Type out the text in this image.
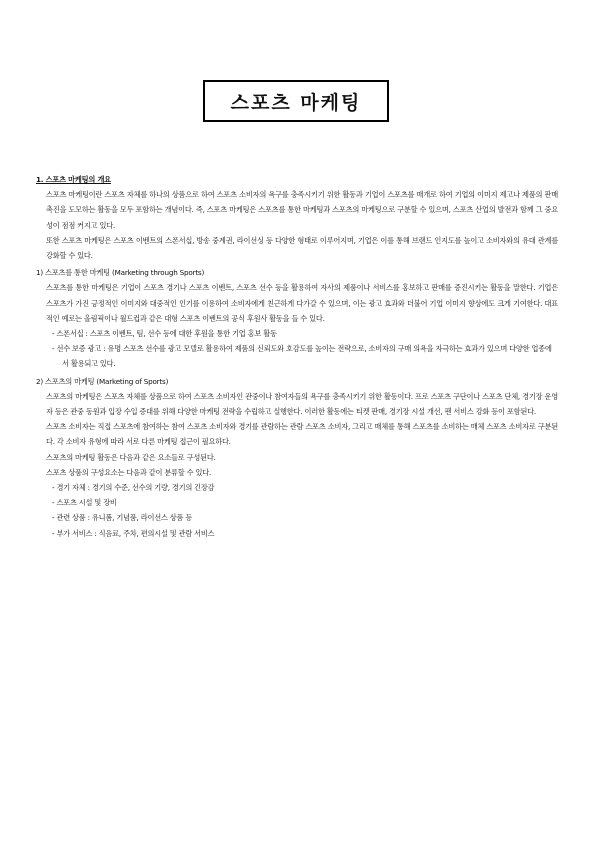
스포츠 마케팅

1. 스포츠 마케팅의 개요

스포츠 마케팅이란 스포츠 자체를 하나의 상품으로 하여 스포츠 소비자의 욕구를 충족시키기 위한 활동과 기업이 스포츠를 매개로 하여 기업의 이미지 제고나 제품의 판매 촉진을 도모하는 활동을 모두 포함하는 개념이다. 즉, 스포츠 마케팅은 스포츠를 통한 마케팅과 스포츠의 마케팅으로 구분할 수 있으며, 스포츠 산업의 발전과 함께 그 중요성이 점점 커지고 있다.

또한 스포츠 마케팅은 스포츠 이벤트의 스폰서십, 방송 중계권, 라이선싱 등 다양한 형태로 이루어지며, 기업은 이를 통해 브랜드 인지도를 높이고 소비자와의 유대 관계를 강화할 수 있다.

1) 스포츠를 통한 마케팅 (Marketing through Sports)

스포츠를 통한 마케팅은 기업이 스포츠 경기나 스포츠 이벤트, 스포츠 선수 등을 활용하여 자사의 제품이나 서비스를 홍보하고 판매를 증진시키는 활동을 말한다. 기업은 스포츠가 가진 긍정적인 이미지와 대중적인 인기를 이용하여 소비자에게 친근하게 다가갈 수 있으며, 이는 광고 효과와 더불어 기업 이미지 향상에도 크게 기여한다. 대표적인 예로는 올림픽이나 월드컵과 같은 대형 스포츠 이벤트의 공식 후원사 활동을 들 수 있다.

- 스폰서십 : 스포츠 이벤트, 팀, 선수 등에 대한 후원을 통한 기업 홍보 활동

- 선수 보증 광고 : 유명 스포츠 선수를 광고 모델로 활용하여 제품의 신뢰도와 호감도를 높이는 전략으로, 소비자의 구매 의욕을 자극하는 효과가 있으며 다양한 업종에서 활용되고 있다.

2) 스포츠의 마케팅 (Marketing of Sports)

스포츠의 마케팅은 스포츠 자체를 상품으로 하여 스포츠 소비자인 관중이나 참여자들의 욕구를 충족시키기 위한 활동이다. 프로 스포츠 구단이나 스포츠 단체, 경기장 운영자 등은 관중 동원과 입장 수입 증대를 위해 다양한 마케팅 전략을 수립하고 실행한다. 이러한 활동에는 티켓 판매, 경기장 시설 개선, 팬 서비스 강화 등이 포함된다.

스포츠 소비자는 직접 스포츠에 참여하는 참여 스포츠 소비자와 경기를 관람하는 관람 스포츠 소비자, 그리고 매체를 통해 스포츠를 소비하는 매체 스포츠 소비자로 구분된다. 각 소비자 유형에 따라 서로 다른 마케팅 접근이 필요하다.

스포츠의 마케팅 활동은 다음과 같은 요소들로 구성된다.

스포츠 상품의 구성요소는 다음과 같이 분류할 수 있다.

- 경기 자체 : 경기의 수준, 선수의 기량, 경기의 긴장감

- 스포츠 시설 및 장비

- 관련 상품 : 유니폼, 기념품, 라이선스 상품 등

- 부가 서비스 : 식음료, 주차, 편의시설 및 관람 서비스
